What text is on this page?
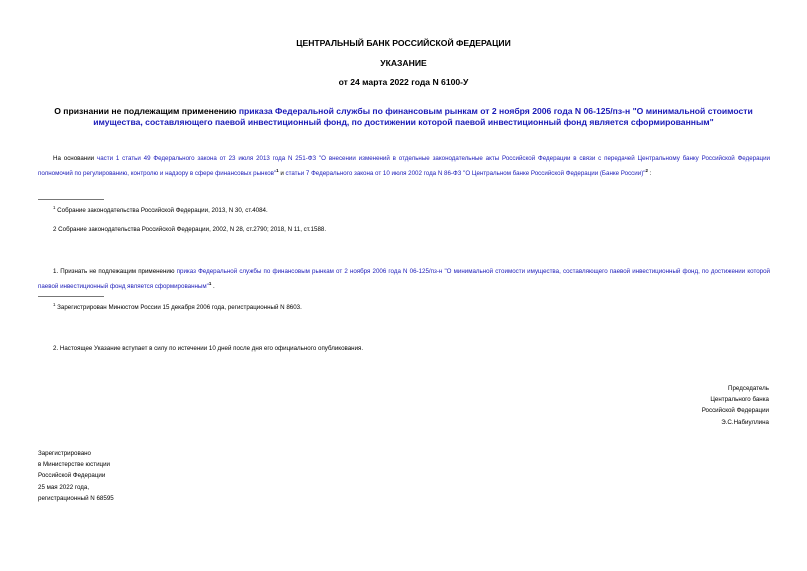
ЦЕНТРАЛЬНЫЙ БАНК РОССИЙСКОЙ ФЕДЕРАЦИИ
УКАЗАНИЕ
от 24 марта 2022 года N 6100-У
О признании не подлежащим применению приказа Федеральной службы по финансовым рынкам от 2 ноября 2006 года N 06-125/пз-н "О минимальной стоимости имущества, составляющего паевой инвестиционный фонд, по достижении которой паевой инвестиционный фонд является сформированным"
На основании части 1 статьи 49 Федерального закона от 23 июля 2013 года N 251-ФЗ "О внесении изменений в отдельные законодательные акты Российской Федерации в связи с передачей Центральному банку Российской Федерации полномочий по регулированию, контролю и надзору в сфере финансовых рынков"$^1$ и статьи 7 Федерального закона от 10 июля 2002 года N 86-ФЗ "О Центральном банке Российской Федерации (Банке России)"$^2$ :
$^1$ Собрание законодательства Российской Федерации, 2013, N 30, ст.4084.
2 Собрание законодательства Российской Федерации, 2002, N 28, ст.2790; 2018, N 11, ст.1588.
1. Признать не подлежащим применению приказ Федеральной службы по финансовым рынкам от 2 ноября 2006 года N 06-125/пз-н "О минимальной стоимости имущества, составляющего паевой инвестиционный фонд, по достижении которой паевой инвестиционный фонд является сформированным"$^1$ .
$^1$ Зарегистрирован Минюстом России 15 декабря 2006 года, регистрационный N 8603.
2. Настоящее Указание вступает в силу по истечении 10 дней после дня его официального опубликования.
Председатель
Центрального банка
Российской Федерации
Э.С.Набиуллина
Зарегистрировано
в Министерстве юстиции
Российской Федерации
25 мая 2022 года,
регистрационный N 68595
